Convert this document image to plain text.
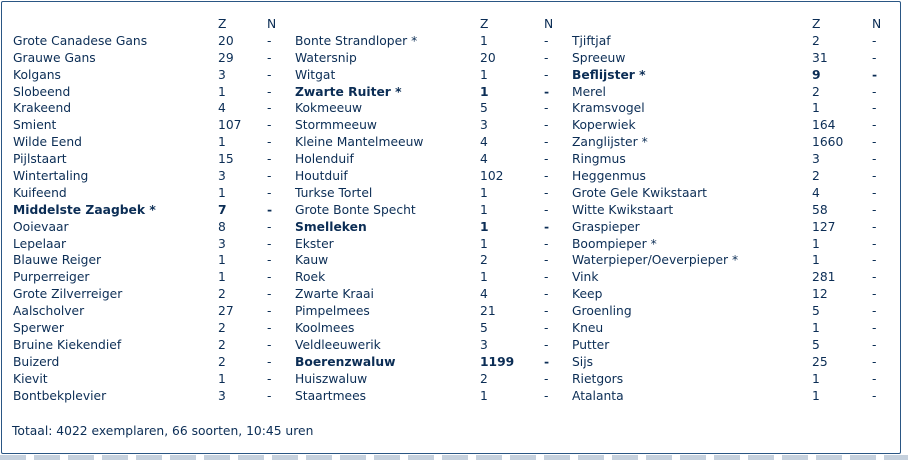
Z	N
Grote Canadese Gans	20	-
Grauwe Gans	29	-
Kolgans	3	-
Slobeend	1	-
Krakeend	4	-
Smient	107 -
Wilde Eend	1	-
Pijlstaart	15	-
Wintertaling	3	-
Kuifeend	1	-
Middelste Zaagbek *	7	-
Ooievaar	8	-
Lepelaar	3	-
Blauwe Reiger	1	-
Purperreiger	1	-
Grote Zilverreiger	2	-
Aalscholver	27	-
Sperwer	2	-
Bruine Kiekendief	2	-
Buizerd	2	-
Kievit	1	-
Bontbekplevier	3	-
Z	N
Bonte Strandloper *	1	-
Watersnip	20	-
Witgat	1	-
Zwarte Ruiter *	1	-
Kokmeeuw	5	-
Stormmeeuw	3	-
Kleine Mantelmeeuw	4	-
Holenduif	4	-
Houtduif	102	-
Turkse Tortel	1	-
Grote Bonte Specht	1	-
Smelleken	1	-
Ekster	1	-
Kauw	2	-
Roek	1	-
Zwarte Kraai	4	-
Pimpelmees	21	-
Koolmees	5	-
Veldleeuwerik	3	-
Boerenzwaluw	1199 -
Huiszwaluw	2	-
Staartmees	1	-
Z	N
Tjiftjaf	2	-
Spreeuw	31	-
Beflijster *	9	-
Merel	2	-
Kramsvogel	1	-
Koperwiek	164	-
Zanglijster *	1660 -
Ringmus	3	-
Heggenmus	2	-
Grote Gele Kwikstaart	4	-
Witte Kwikstaart	58	-
Graspieper	127	-
Boompieper *	1	-
Waterpieper/Oeverpieper *	1	-
Vink	281	-
Keep	12	-
Groenling	5	-
Kneu	1	-
Putter	5	-
Sijs	25	-
Rietgors	1	-
Atalanta	1	-
Totaal: 4022 exemplaren, 66 soorten, 10:45 uren
